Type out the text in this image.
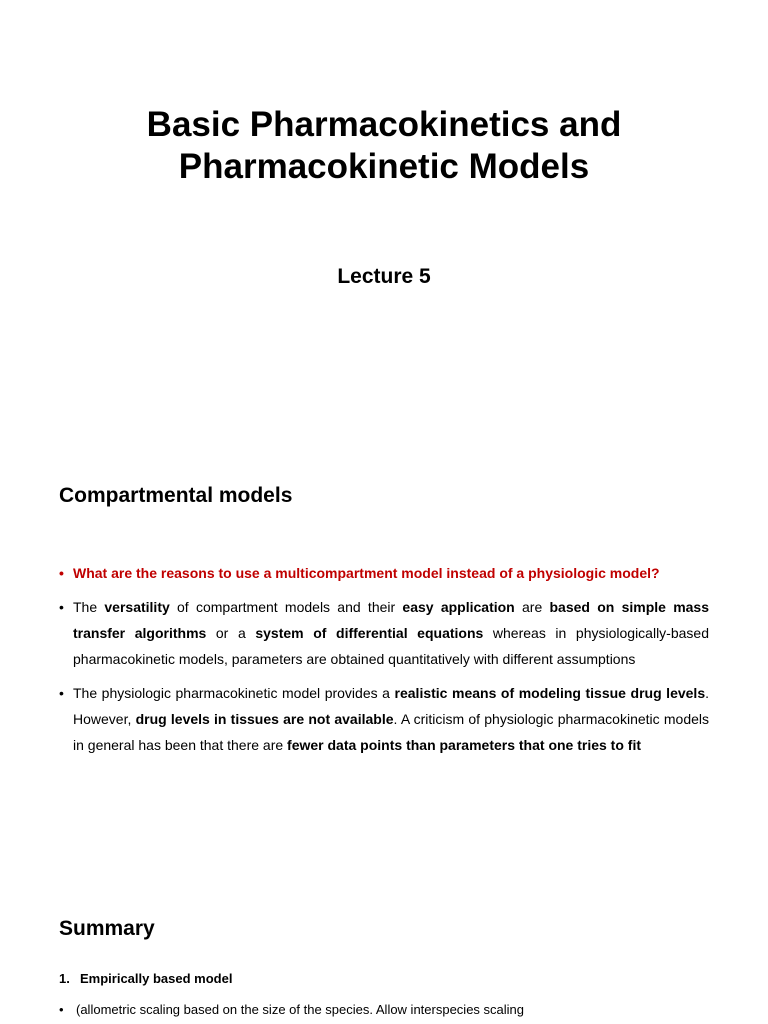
Basic Pharmacokinetics and
Pharmacokinetic Models
Lecture 5
Compartmental models
• What are the reasons to use a multicompartment model instead of a physiologic model?
• The versatility of compartment models and their easy application are based on simple mass transfer algorithms or a system of differential equations whereas in physiologically-based pharmacokinetic models, parameters are obtained quantitatively with different assumptions
• The physiologic pharmacokinetic model provides a realistic means of modeling tissue drug levels. However, drug levels in tissues are not available. A criticism of physiologic pharmacokinetic models in general has been that there are fewer data points than parameters that one tries to fit
Summary
1. Empirically based model
• (allometric scaling based on the size of the species. Allow interspecies scaling
